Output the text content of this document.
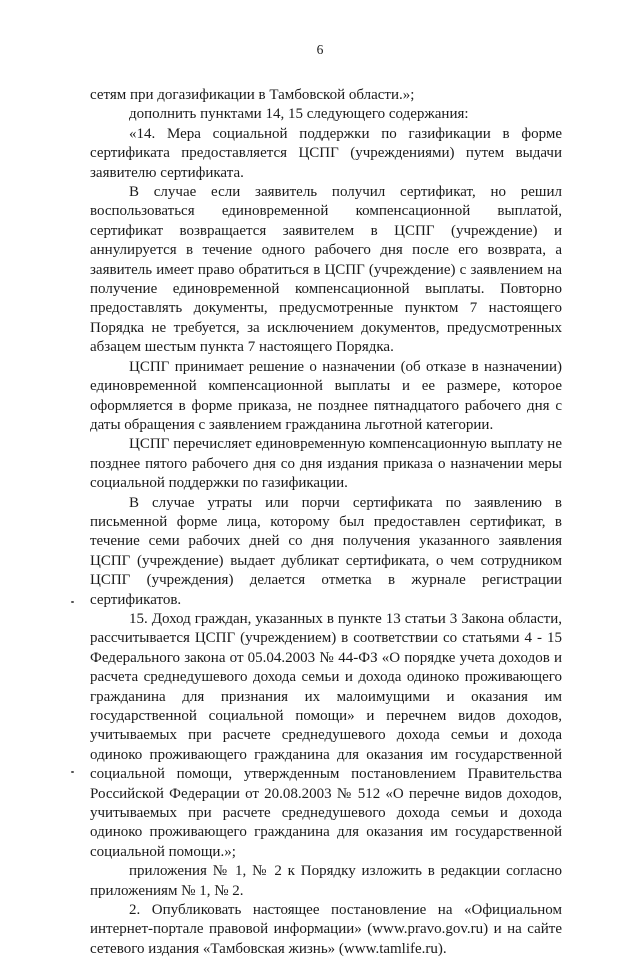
6

сетям при догазификации в Тамбовской области.»;

дополнить пунктами 14, 15 следующего содержания:

«14. Мера социальной поддержки по газификации в форме сертификата предоставляется ЦСПГ (учреждениями) путем выдачи заявителю сертификата.

В случае если заявитель получил сертификат, но решил воспользоваться единовременной компенсационной выплатой, сертификат возвращается заявителем в ЦСПГ (учреждение) и аннулируется в течение одного рабочего дня после его возврата, а заявитель имеет право обратиться в ЦСПГ (учреждение) с заявлением на получение единовременной компенсационной выплаты. Повторно предоставлять документы, предусмотренные пунктом 7 настоящего Порядка не требуется, за исключением документов, предусмотренных абзацем шестым пункта 7 настоящего Порядка.

ЦСПГ принимает решение о назначении (об отказе в назначении) единовременной компенсационной выплаты и ее размере, которое оформляется в форме приказа, не позднее пятнадцатого рабочего дня с даты обращения с заявлением гражданина льготной категории.

ЦСПГ перечисляет единовременную компенсационную выплату не позднее пятого рабочего дня со дня издания приказа о назначении меры социальной поддержки по газификации.

В случае утраты или порчи сертификата по заявлению в письменной форме лица, которому был предоставлен сертификат, в течение семи рабочих дней со дня получения указанного заявления ЦСПГ (учреждение) выдает дубликат сертификата, о чем сотрудником ЦСПГ (учреждения) делается отметка в журнале регистрации сертификатов.

15. Доход граждан, указанных в пункте 13 статьи 3 Закона области, рассчитывается ЦСПГ (учреждением) в соответствии со статьями 4 - 15 Федерального закона от 05.04.2003 № 44-ФЗ «О порядке учета доходов и расчета среднедушевого дохода семьи и дохода одиноко проживающего гражданина для признания их малоимущими и оказания им государственной социальной помощи» и перечнем видов доходов, учитываемых при расчете среднедушевого дохода семьи и дохода одиноко проживающего гражданина для оказания им государственной социальной помощи, утвержденным постановлением Правительства Российской Федерации от 20.08.2003 № 512 «О перечне видов доходов, учитываемых при расчете среднедушевого дохода семьи и дохода одиноко проживающего гражданина для оказания им государственной социальной помощи.»;

приложения № 1, № 2 к Порядку изложить в редакции согласно приложениям № 1, № 2.

2. Опубликовать настоящее постановление на «Официальном интернет-портале правовой информации» (www.pravo.gov.ru) и на сайте сетевого издания «Тамбовская жизнь» (www.tamlife.ru).
